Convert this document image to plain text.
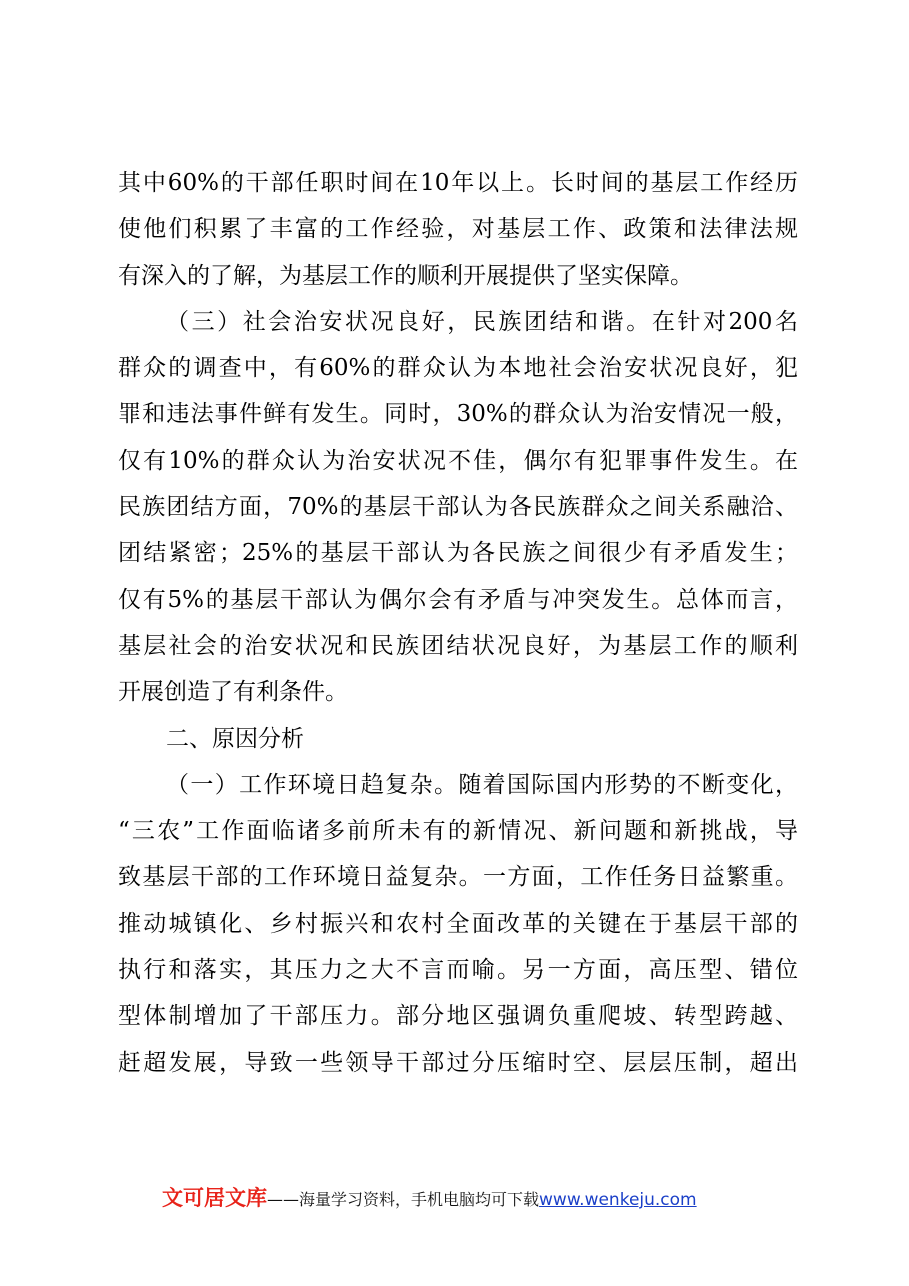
其中60%的干部任职时间在10年以上。长时间的基层工作经历
使他们积累了丰富的工作经验，对基层工作、政策和法律法规
有深入的了解，为基层工作的顺利开展提供了坚实保障。
（三）社会治安状况良好，民族团结和谐。在针对200名
群众的调查中，有60%的群众认为本地社会治安状况良好，犯
罪和违法事件鲜有发生。同时，30%的群众认为治安情况一般，
仅有10%的群众认为治安状况不佳，偶尔有犯罪事件发生。在
民族团结方面，70%的基层干部认为各民族群众之间关系融洽、
团结紧密；25%的基层干部认为各民族之间很少有矛盾发生；
仅有5%的基层干部认为偶尔会有矛盾与冲突发生。总体而言，
基层社会的治安状况和民族团结状况良好，为基层工作的顺利
开展创造了有利条件。
二、原因分析
（一）工作环境日趋复杂。随着国际国内形势的不断变化，
“三农”工作面临诸多前所未有的新情况、新问题和新挑战，导
致基层干部的工作环境日益复杂。一方面，工作任务日益繁重。
推动城镇化、乡村振兴和农村全面改革的关键在于基层干部的
执行和落实，其压力之大不言而喻。另一方面，高压型、错位
型体制增加了干部压力。部分地区强调负重爬坡、转型跨越、
赶超发展，导致一些领导干部过分压缩时空、层层压制，超出
文可居文库——海量学习资料，手机电脑均可下载www.wenkeju.com
